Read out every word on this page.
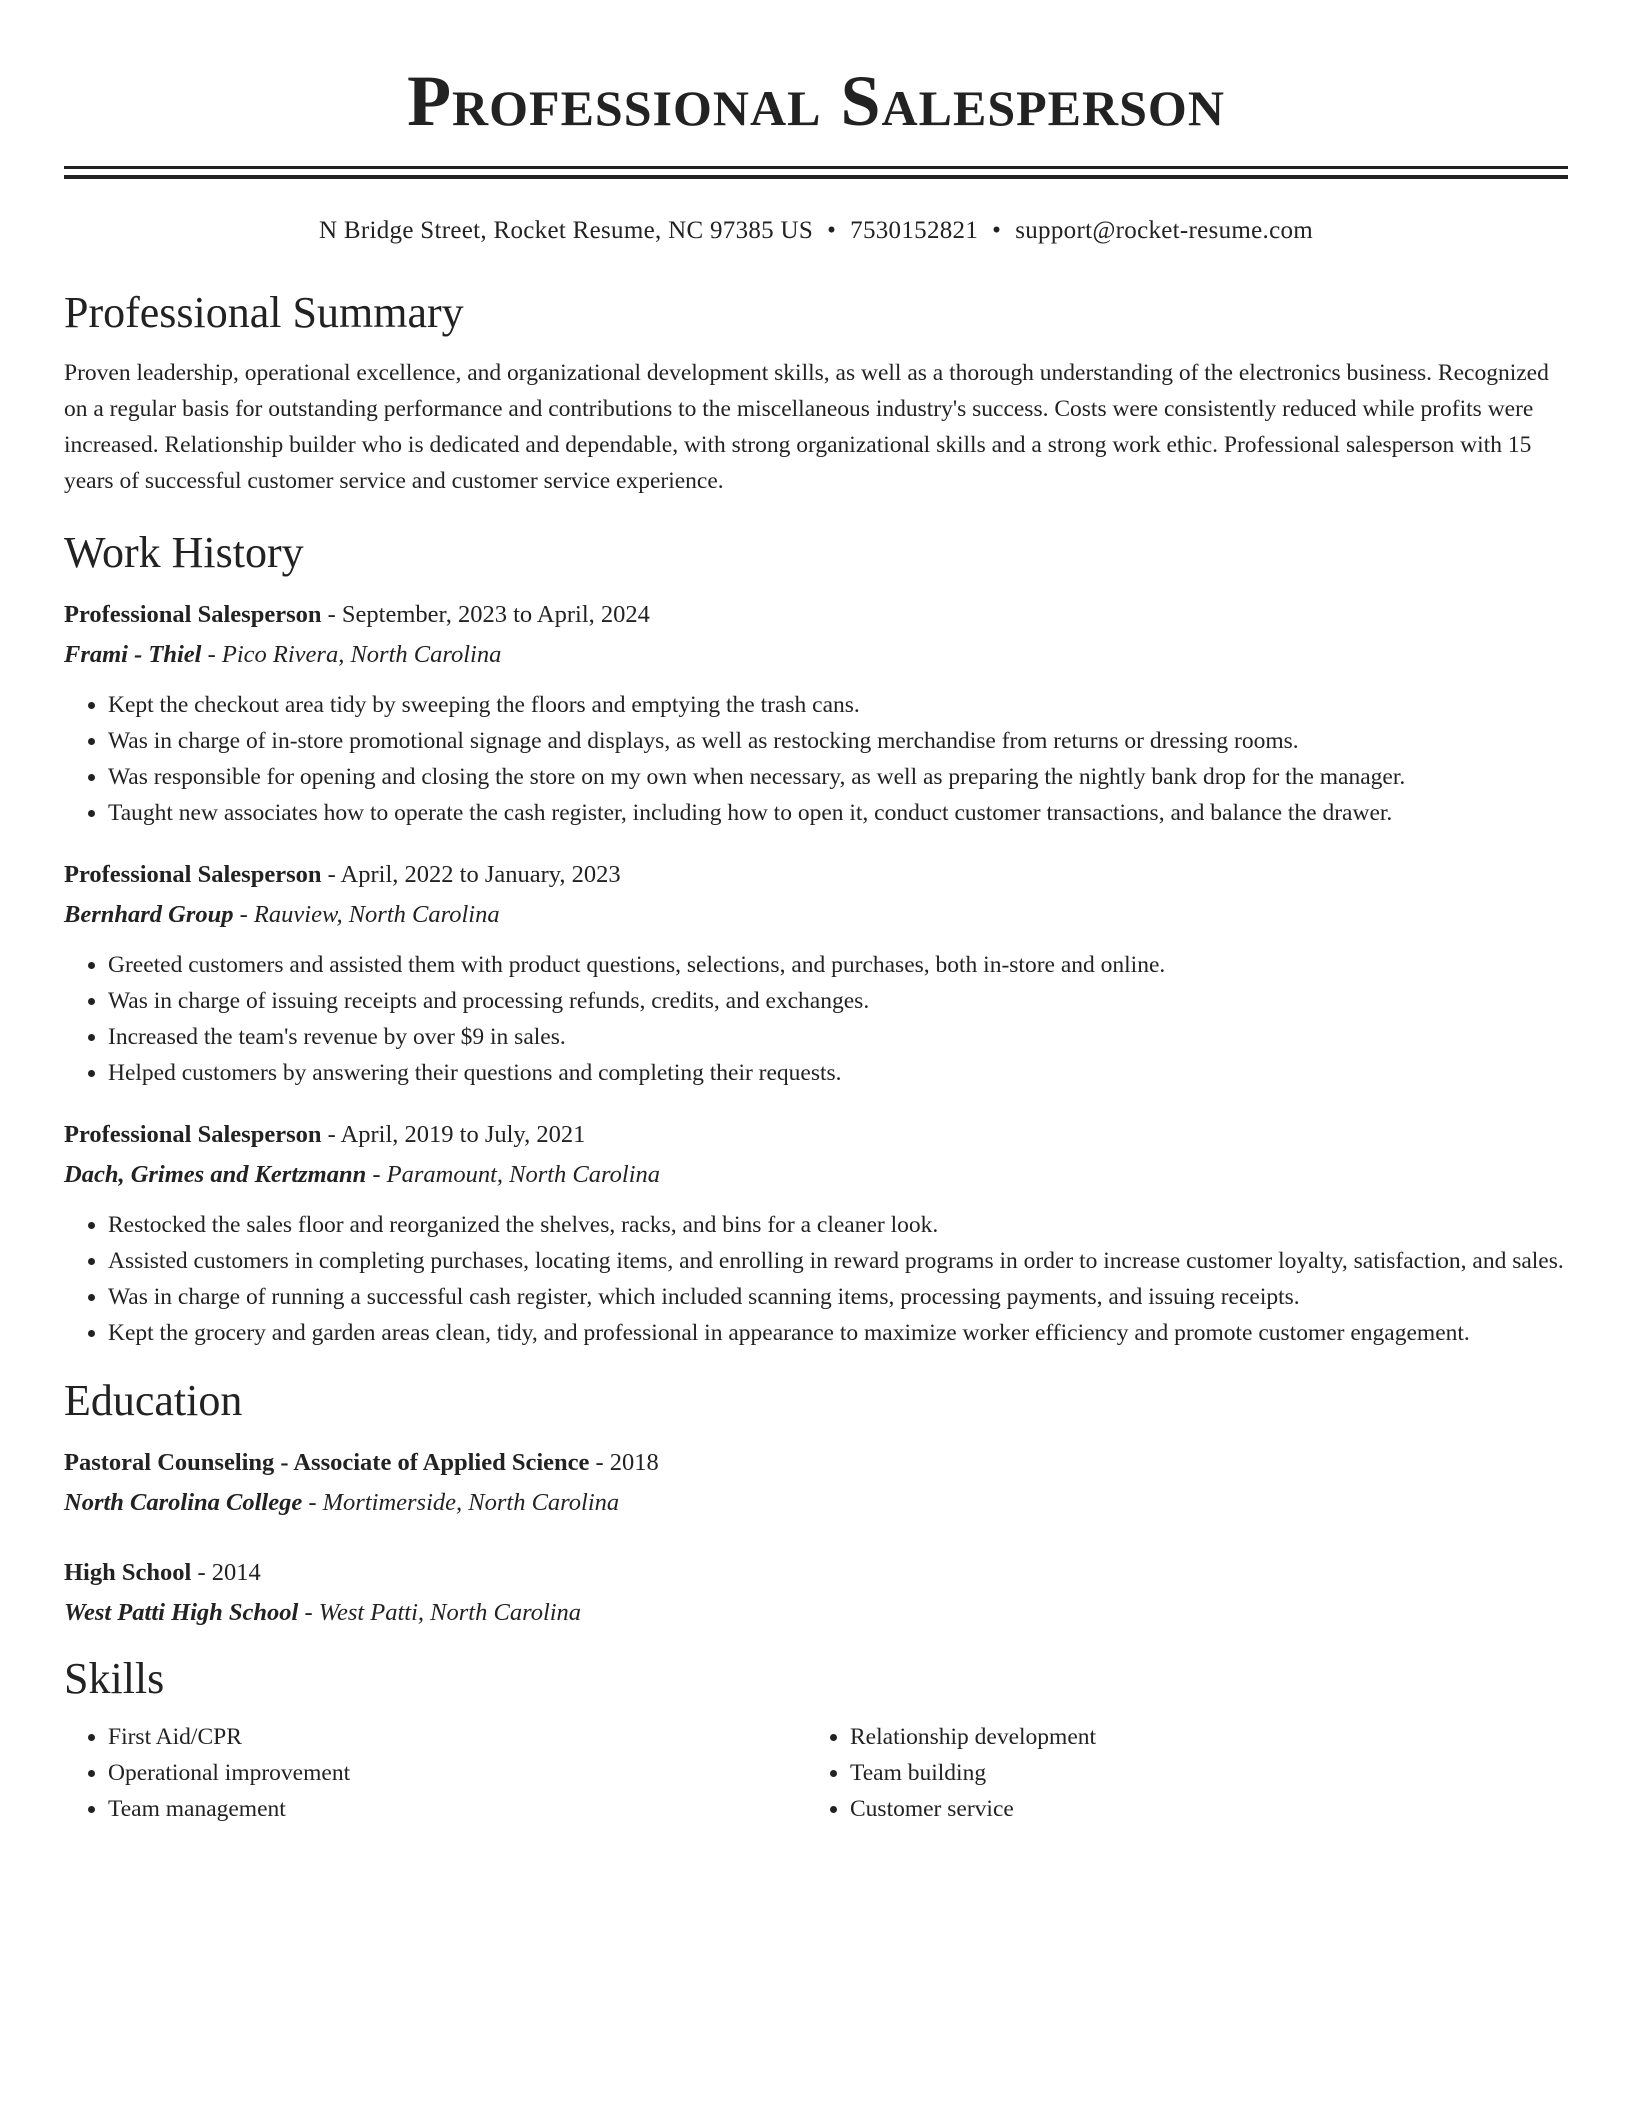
Professional Salesperson
N Bridge Street, Rocket Resume, NC 97385 US • 7530152821 • support@rocket-resume.com
Professional Summary
Proven leadership, operational excellence, and organizational development skills, as well as a thorough understanding of the electronics business. Recognized on a regular basis for outstanding performance and contributions to the miscellaneous industry's success. Costs were consistently reduced while profits were increased. Relationship builder who is dedicated and dependable, with strong organizational skills and a strong work ethic. Professional salesperson with 15 years of successful customer service and customer service experience.
Work History
Professional Salesperson - September, 2023 to April, 2024
Frami - Thiel - Pico Rivera, North Carolina
• Kept the checkout area tidy by sweeping the floors and emptying the trash cans.
• Was in charge of in-store promotional signage and displays, as well as restocking merchandise from returns or dressing rooms.
• Was responsible for opening and closing the store on my own when necessary, as well as preparing the nightly bank drop for the manager.
• Taught new associates how to operate the cash register, including how to open it, conduct customer transactions, and balance the drawer.
Professional Salesperson - April, 2022 to January, 2023
Bernhard Group - Rauview, North Carolina
• Greeted customers and assisted them with product questions, selections, and purchases, both in-store and online.
• Was in charge of issuing receipts and processing refunds, credits, and exchanges.
• Increased the team's revenue by over $9 in sales.
• Helped customers by answering their questions and completing their requests.
Professional Salesperson - April, 2019 to July, 2021
Dach, Grimes and Kertzmann - Paramount, North Carolina
• Restocked the sales floor and reorganized the shelves, racks, and bins for a cleaner look.
• Assisted customers in completing purchases, locating items, and enrolling in reward programs in order to increase customer loyalty, satisfaction, and sales.
• Was in charge of running a successful cash register, which included scanning items, processing payments, and issuing receipts.
• Kept the grocery and garden areas clean, tidy, and professional in appearance to maximize worker efficiency and promote customer engagement.
Education
Pastoral Counseling - Associate of Applied Science - 2018
North Carolina College - Mortimerside, North Carolina
High School - 2014
West Patti High School - West Patti, North Carolina
Skills
• First Aid/CPR
• Operational improvement
• Team management
• Relationship development
• Team building
• Customer service
